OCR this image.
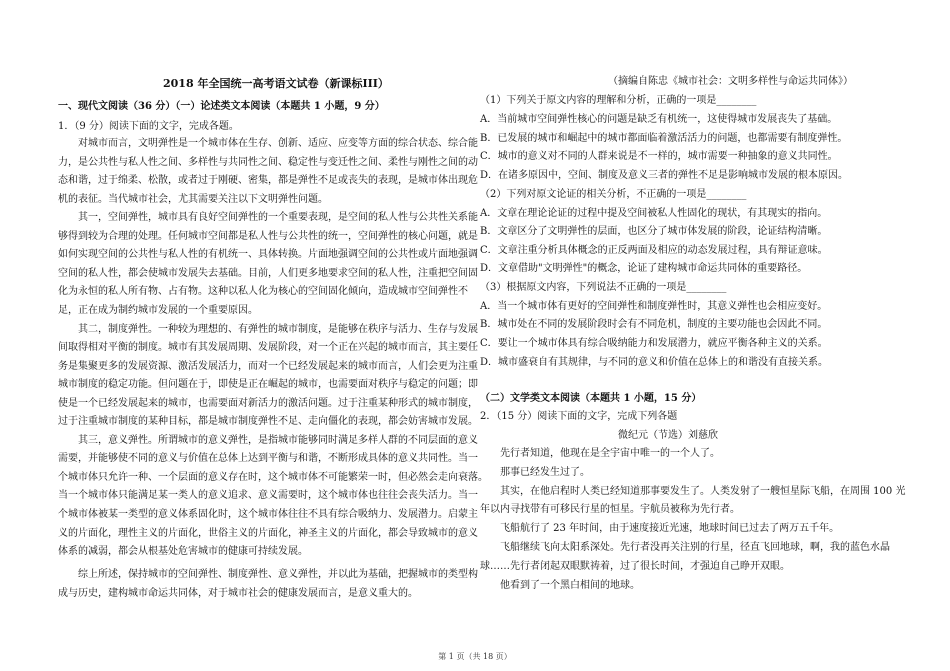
2018 年全国统一高考语文试卷（新课标III）
一、现代文阅读（36 分）（一）论述类文本阅读（本题共 1 小题，9 分）
1．（9 分）阅读下面的文字，完成各题。
对城市而言，文明弹性是一个城市体在生存、创新、适应、应变等方面的综合状态、综合能
力，是公共性与私人性之间、多样性与共同性之间、稳定性与变迁性之间、柔性与刚性之间的动
态和谐，过于绵柔、松散，或者过于刚硬、密集，都是弹性不足或丧失的表现，是城市体出现危
机的表征。当代城市社会，尤其需要关注以下文明弹性问题。
其一，空间弹性，城市具有良好空间弹性的一个重要表现，是空间的私人性与公共性关系能
够得到较为合理的处理。任何城市空间都是私人性与公共性的统一，空间弹性的核心问题，就是
如何实现空间的公共性与私人性的有机统一、具体转换。片面地强调空间的公共性或片面地强调
空间的私人性，都会使城市发展失去基础。目前，人们更多地要求空间的私人性，注重把空间固
化为永恒的私人所有物、占有物。这种以私人化为核心的空间固化倾向，造成城市空间弹性不
足，正在成为制约城市发展的一个重要原因。
其二，制度弹性。一种较为理想的、有弹性的城市制度，是能够在秩序与活力、生存与发展
间取得相对平衡的制度。城市有其发展周期、发展阶段，对一个正在兴起的城市而言，其主要任
务是集聚更多的发展资源、激活发展活力，而对一个已经发展起来的城市而言，人们会更为注重
城市制度的稳定功能。但问题在于，即使是正在崛起的城市，也需要面对秩序与稳定的问题；即
使是一个已经发展起来的城市，也需要面对新活力的激活问题。过于注重某种形式的城市制度，
过于注重城市制度的某种目标，都是城市制度弹性不足、走向僵化的表现，都会妨害城市发展。
其三，意义弹性。所谓城市的意义弹性，是指城市能够同时满足多样人群的不同层面的意义
需要，并能够使不同的意义与价值在总体上达到平衡与和谐，不断形成具体的意义共同性。当一
个城市体只允许一种、一个层面的意义存在时，这个城市体不可能繁荣一时，但必然会走向衰落。
当一个城市体只能满足某一类人的意义追求、意义需要时，这个城市体也往往会丧失活力。当一
个城市体被某一类型的意义体系固化时，这个城市体往往不具有综合吸纳力、发展潜力。启蒙主
义的片面化，理性主义的片面化，世俗主义的片面化，神圣主义的片面化，都会导致城市的意义
体系的减弱，都会从根基处危害城市的健康可持续发展。
综上所述，保持城市的空间弹性、制度弹性、意义弹性，并以此为基础，把握城市的类型构
成与历史，建构城市命运共同体，对于城市社会的健康发展而言，是意义重大的。
（摘编自陈忠《城市社会：文明多样性与命运共同体》）
（1）下列关于原文内容的理解和分析，正确的一项是________
A．当前城市空间弹性核心的问题是缺乏有机统一，这使得城市发展丧失了基础。
B．已发展的城市和崛起中的城市都面临着激活活力的问题，也都需要有制度弹性。
C．城市的意义对不同的人群来说是不一样的，城市需要一种抽象的意义共同性。
D．在诸多原因中，空间、制度及意义三者的弹性不足是影响城市发展的根本原因。
（2）下列对原文论证的相关分析，不正确的一项是________
A．文章在理论论证的过程中提及空间被私人性固化的现状，有其现实的指向。
B．文章区分了文明弹性的层面，也区分了城市体发展的阶段，论证结构清晰。
C．文章注重分析具体概念的正反两面及相应的动态发展过程，具有辩证意味。
D．文章借助"文明弹性"的概念，论证了建构城市命运共同体的重要路径。
（3）根据原文内容，下列说法不正确的一项是________
A．当一个城市体有更好的空间弹性和制度弹性时，其意义弹性也会相应变好。
B．城市处在不同的发展阶段时会有不同危机，制度的主要功能也会因此不同。
C．要让一个城市体具有综合吸纳能力和发展潜力，就应平衡各种主义的关系。
D．城市盛衰自有其规律，与不同的意义和价值在总体上的和谐没有直接关系。
（二）文学类文本阅读（本题共 1 小题，15 分）
2．（15 分）阅读下面的文字，完成下列各题
微纪元（节选）刘慈欣
先行者知道，他现在是全宇宙中唯一的一个人了。
那事已经发生过了。
其实，在他启程时人类已经知道那事要发生了。人类发射了一艘恒星际飞船，在周围 100 光
年以内寻找带有可移民行星的恒星。宇航员被称为先行者。
飞船航行了 23 年时间，由于速度接近光速，地球时间已过去了两万五千年。
飞船继续飞向太阳系深处。先行者没再关注别的行星，径直飞回地球，啊，我的蓝色水晶
球……先行者闭起双眼默祷着，过了很长时间，才强迫自己睁开双眼。
他看到了一个黑白相间的地球。
第 1 页（共 18 页）
